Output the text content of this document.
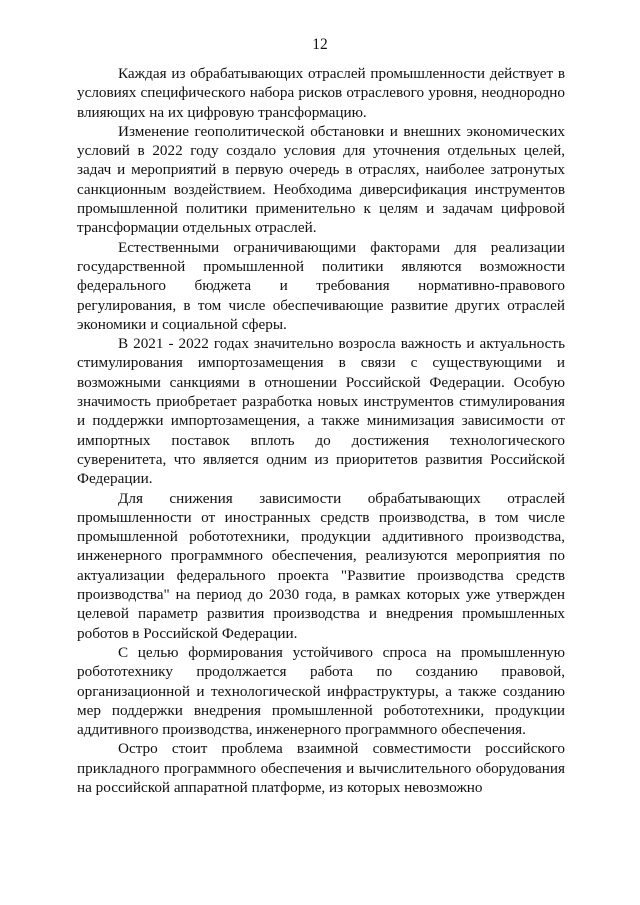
12

Каждая из обрабатывающих отраслей промышленности действует в условиях специфического набора рисков отраслевого уровня, неоднородно влияющих на их цифровую трансформацию.

Изменение геополитической обстановки и внешних экономических условий в 2022 году создало условия для уточнения отдельных целей, задач и мероприятий в первую очередь в отраслях, наиболее затронутых санкционным воздействием. Необходима диверсификация инструментов промышленной политики применительно к целям и задачам цифровой трансформации отдельных отраслей.

Естественными ограничивающими факторами для реализации государственной промышленной политики являются возможности федерального бюджета и требования нормативно-правового регулирования, в том числе обеспечивающие развитие других отраслей экономики и социальной сферы.

В 2021 - 2022 годах значительно возросла важность и актуальность стимулирования импортозамещения в связи с существующими и возможными санкциями в отношении Российской Федерации. Особую значимость приобретает разработка новых инструментов стимулирования и поддержки импортозамещения, а также минимизация зависимости от импортных поставок вплоть до достижения технологического суверенитета, что является одним из приоритетов развития Российской Федерации.

Для снижения зависимости обрабатывающих отраслей промышленности от иностранных средств производства, в том числе промышленной робототехники, продукции аддитивного производства, инженерного программного обеспечения, реализуются мероприятия по актуализации федерального проекта "Развитие производства средств производства" на период до 2030 года, в рамках которых уже утвержден целевой параметр развития производства и внедрения промышленных роботов в Российской Федерации.

С целью формирования устойчивого спроса на промышленную робототехнику продолжается работа по созданию правовой, организационной и технологической инфраструктуры, а также созданию мер поддержки внедрения промышленной робототехники, продукции аддитивного производства, инженерного программного обеспечения.

Остро стоит проблема взаимной совместимости российского прикладного программного обеспечения и вычислительного оборудования на российской аппаратной платформе, из которых невозможно
